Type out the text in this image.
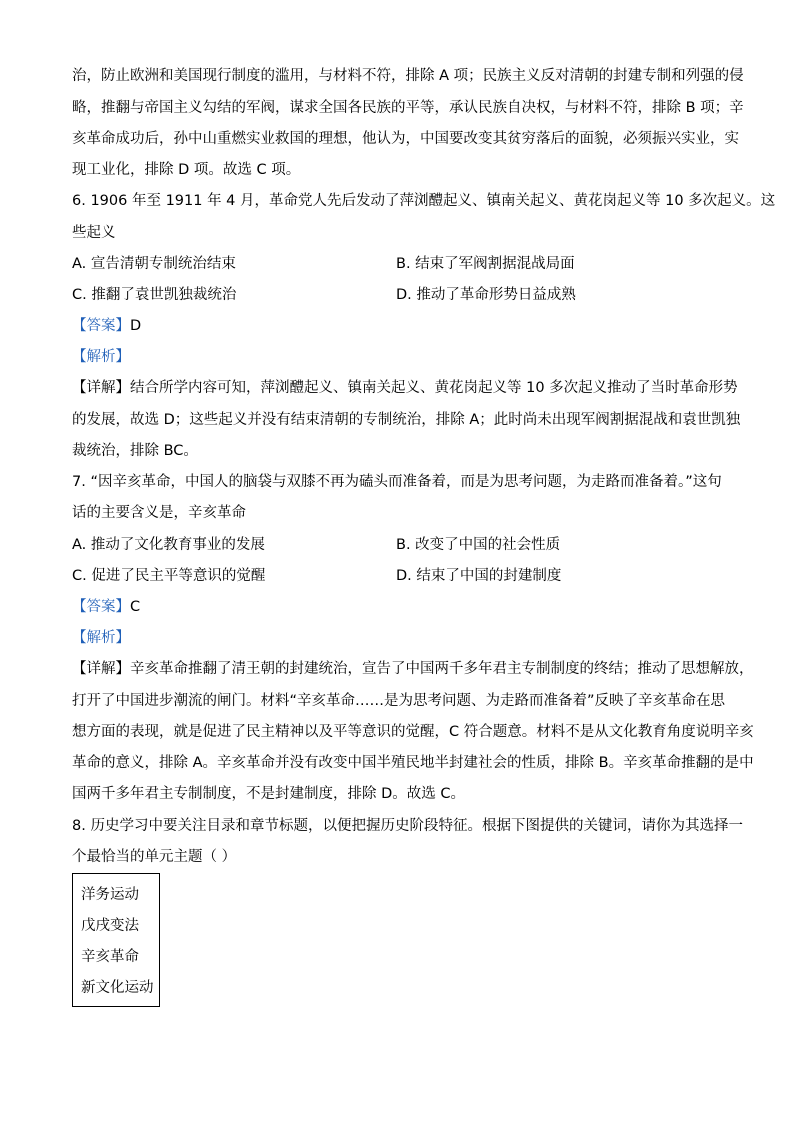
治，防止欧洲和美国现行制度的滥用，与材料不符，排除 A 项；民族主义反对清朝的封建专制和列强的侵
略，推翻与帝国主义勾结的军阀，谋求全国各民族的平等，承认民族自决权，与材料不符，排除 B 项；辛
亥革命成功后，孙中山重燃实业救国的理想，他认为，中国要改变其贫穷落后的面貌，必须振兴实业，实
现工业化，排除 D 项。故选 C 项。
6. 1906 年至 1911 年 4 月，革命党人先后发动了萍浏醴起义、镇南关起义、黄花岗起义等 10 多次起义。这
些起义
A. 宣告清朝专制统治结束	B. 结束了军阀割据混战局面
C. 推翻了袁世凯独裁统治	D. 推动了革命形势日益成熟
【答案】D
【解析】
【详解】结合所学内容可知，萍浏醴起义、镇南关起义、黄花岗起义等 10 多次起义推动了当时革命形势
的发展，故选 D；这些起义并没有结束清朝的专制统治，排除 A；此时尚未出现军阀割据混战和袁世凯独
裁统治，排除 BC。
7. “因辛亥革命，中国人的脑袋与双膝不再为磕头而准备着，而是为思考问题，为走路而准备着。”这句
话的主要含义是，辛亥革命
A. 推动了文化教育事业的发展	B. 改变了中国的社会性质
C. 促进了民主平等意识的觉醒	D. 结束了中国的封建制度
【答案】C
【解析】
【详解】辛亥革命推翻了清王朝的封建统治，宣告了中国两千多年君主专制制度的终结；推动了思想解放，
打开了中国进步潮流的闸门。材料“辛亥革命……是为思考问题、为走路而准备着”反映了辛亥革命在思
想方面的表现，就是促进了民主精神以及平等意识的觉醒，C 符合题意。材料不是从文化教育角度说明辛亥
革命的意义，排除 A。辛亥革命并没有改变中国半殖民地半封建社会的性质，排除 B。辛亥革命推翻的是中
国两千多年君主专制制度，不是封建制度，排除 D。故选 C。
8. 历史学习中要关注目录和章节标题，以便把握历史阶段特征。根据下图提供的关键词，请你为其选择一
个最恰当的单元主题（ ）
洋务运动
戊戌变法
辛亥革命
新文化运动
